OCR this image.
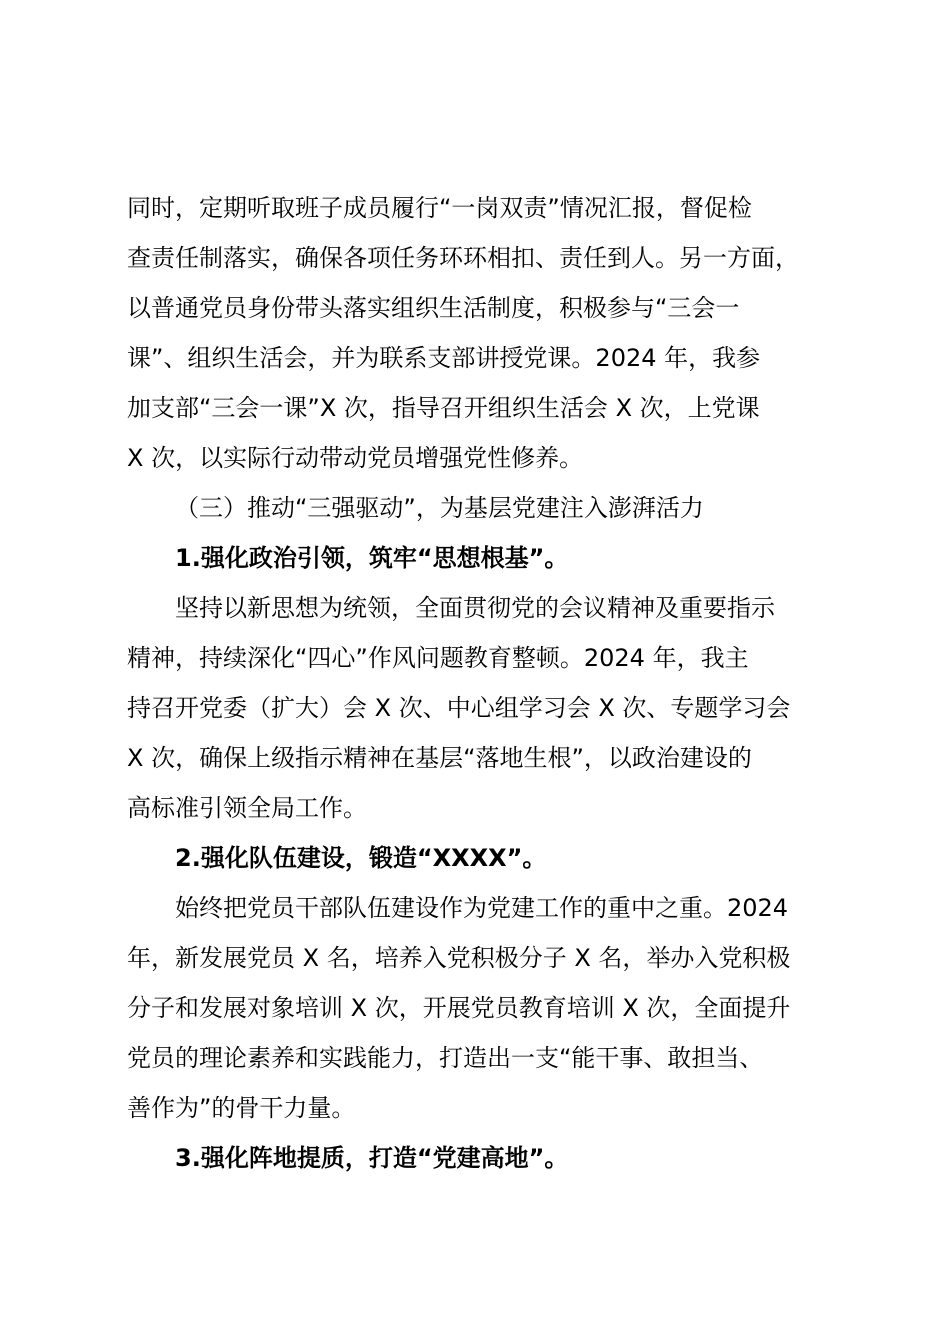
同时，定期听取班子成员履行“一岗双责”情况汇报，督促检
查责任制落实，确保各项任务环环相扣、责任到人。另一方面，
以普通党员身份带头落实组织生活制度，积极参与“三会一
课”、组织生活会，并为联系支部讲授党课。2024 年，我参
加支部“三会一课”X 次，指导召开组织生活会 X 次，上党课
X 次，以实际行动带动党员增强党性修养。
（三）推动“三强驱动”，为基层党建注入澎湃活力
1.强化政治引领，筑牢“思想根基”。
坚持以新思想为统领，全面贯彻党的会议精神及重要指示
精神，持续深化“四心”作风问题教育整顿。2024 年，我主
持召开党委（扩大）会 X 次、中心组学习会 X 次、专题学习会
X 次，确保上级指示精神在基层“落地生根”，以政治建设的
高标准引领全局工作。
2.强化队伍建设，锻造“XXXX”。
始终把党员干部队伍建设作为党建工作的重中之重。2024
年，新发展党员 X 名，培养入党积极分子 X 名，举办入党积极
分子和发展对象培训 X 次，开展党员教育培训 X 次，全面提升
党员的理论素养和实践能力，打造出一支“能干事、敢担当、
善作为”的骨干力量。
3.强化阵地提质，打造“党建高地”。
